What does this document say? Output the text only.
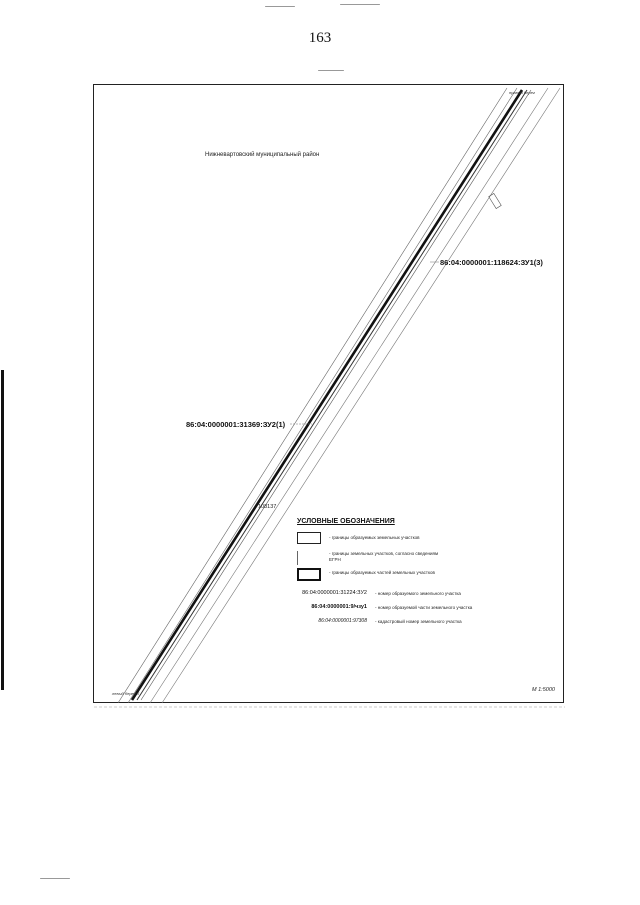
163
Нижневартовский муниципальный район
86:04:0000001:118624:ЗУ1(3)
86:04:0000001:31369:ЗУ2(1)
108137
правый берег
левый берег б
М 1:5000
УСЛОВНЫЕ ОБОЗНАЧЕНИЯ
- границы образуемых земельных участков
- границы земельных участков, согласно сведениям ЕГРН
- границы образуемых частей земельных участков
86:04:0000001:31224:ЗУ2 - номер образуемого земельного участка
86:04:0000001:9/чзу1 - номер образуемой части земельного участка
86:04:0000001:97308 - кадастровый номер земельного участка
